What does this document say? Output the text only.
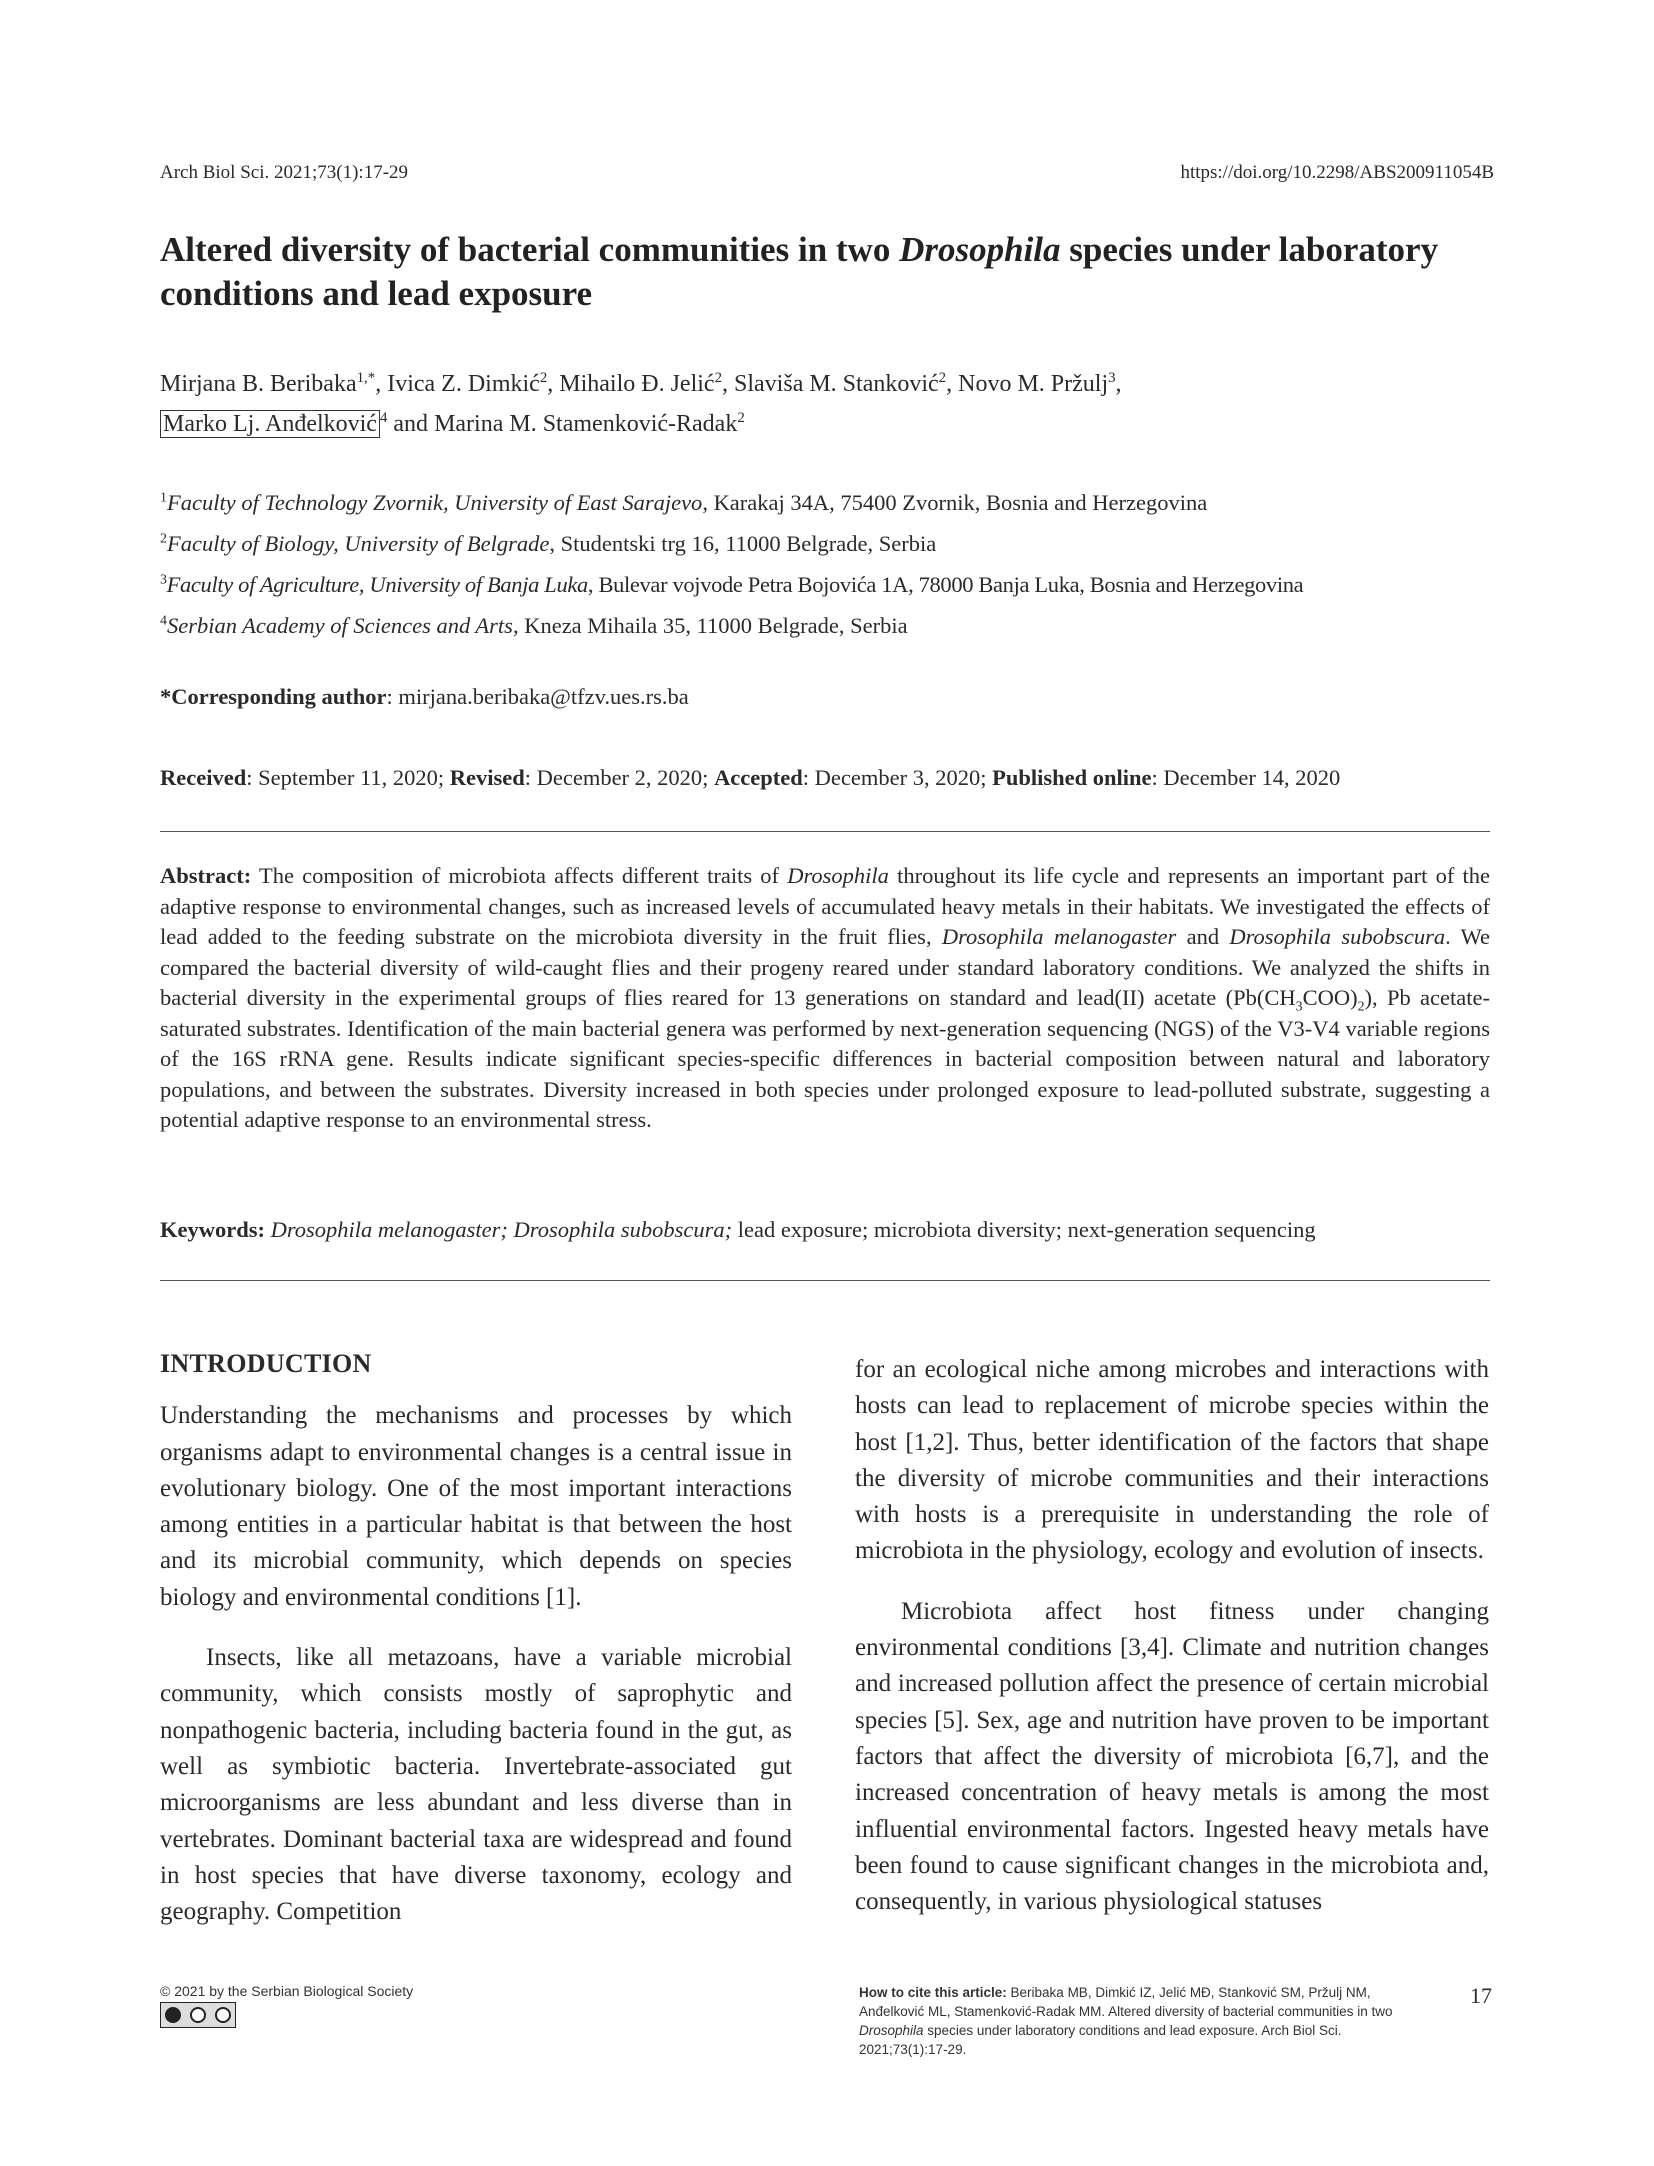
Arch Biol Sci. 2021;73(1):17-29	https://doi.org/10.2298/ABS200911054B
Altered diversity of bacterial communities in two Drosophila species under laboratory conditions and lead exposure
Mirjana B. Beribaka$^{1,*}$, Ivica Z. Dimkić$^2$, Mihailo Đ. Jelić$^2$, Slaviša M. Stanković$^2$, Novo M. Pržulj$^3$,
Marko Lj. Anđelković $^4$ and Marina M. Stamenković-Radak$^2$
$^1$Faculty of Technology Zvornik, University of East Sarajevo, Karakaj 34A, 75400 Zvornik, Bosnia and Herzegovina
$^2$Faculty of Biology, University of Belgrade, Studentski trg 16, 11000 Belgrade, Serbia
$^3$Faculty of Agriculture, University of Banja Luka, Bulevar vojvode Petra Bojovića 1A, 78000 Banja Luka, Bosnia and Herzegovina
$^4$Serbian Academy of Sciences and Arts, Kneza Mihaila 35, 11000 Belgrade, Serbia
*Corresponding author: mirjana.beribaka@tfzv.ues.rs.ba
Received: September 11, 2020; Revised: December 2, 2020; Accepted: December 3, 2020; Published online: December 14, 2020
Abstract: The composition of microbiota affects different traits of Drosophila throughout its life cycle and represents an important part of the adaptive response to environmental changes, such as increased levels of accumulated heavy metals in their habitats. We investigated the effects of lead added to the feeding substrate on the microbiota diversity in the fruit flies, Drosophila melanogaster and Drosophila subobscura. We compared the bacterial diversity of wild-caught flies and their progeny reared under standard laboratory conditions. We analyzed the shifts in bacterial diversity in the experimental groups of flies reared for 13 generations on standard and lead(II) acetate $(Pb(CH_3COO)_2)$, Pb acetate-saturated substrates. Identification of the main bacterial genera was performed by next-generation sequencing (NGS) of the V3-V4 variable regions of the 16S rRNA gene. Results indicate significant species-specific differences in bacterial composition between natural and laboratory populations, and between the substrates. Diversity increased in both species under prolonged exposure to lead-polluted substrate, suggesting a potential adaptive response to an environmental stress.
Keywords: Drosophila melanogaster; Drosophila subobscura; lead exposure; microbiota diversity; next-generation sequencing
INTRODUCTION

Understanding the mechanisms and processes by which organisms adapt to environmental changes is a central issue in evolutionary biology. One of the most important interactions among entities in a particular habitat is that between the host and its microbial community, which depends on species biology and environmental conditions [1].

Insects, like all metazoans, have a variable microbial community, which consists mostly of saprophytic and nonpathogenic bacteria, including bacteria found in the gut, as well as symbiotic bacteria. Invertebrate-associated gut microorganisms are less abundant and less diverse than in vertebrates. Dominant bacterial taxa are widespread and found in host species that have diverse taxonomy, ecology and geography. Competition

for an ecological niche among microbes and interactions with hosts can lead to replacement of microbe species within the host [1,2]. Thus, better identification of the factors that shape the diversity of microbe communities and their interactions with hosts is a prerequisite in understanding the role of microbiota in the physiology, ecology and evolution of insects.

Microbiota affect host fitness under changing environmental conditions [3,4]. Climate and nutrition changes and increased pollution affect the presence of certain microbial species [5]. Sex, age and nutrition have proven to be important factors that affect the diversity of microbiota [6,7], and the increased concentration of heavy metals is among the most influential environmental factors. Ingested heavy metals have been found to cause significant changes in the microbiota and, consequently, in various physiological statuses

© 2021 by the Serbian Biological Society	How to cite this article: Beribaka MB, Dimkić IZ, Jelić MĐ, Stanković SM, Pržulj NM, Anđelković ML, Stamenković-Radak MM. Altered diversity of bacterial communities in two Drosophila species under laboratory conditions and lead exposure. Arch Biol Sci. 2021;73(1):17-29.
17
